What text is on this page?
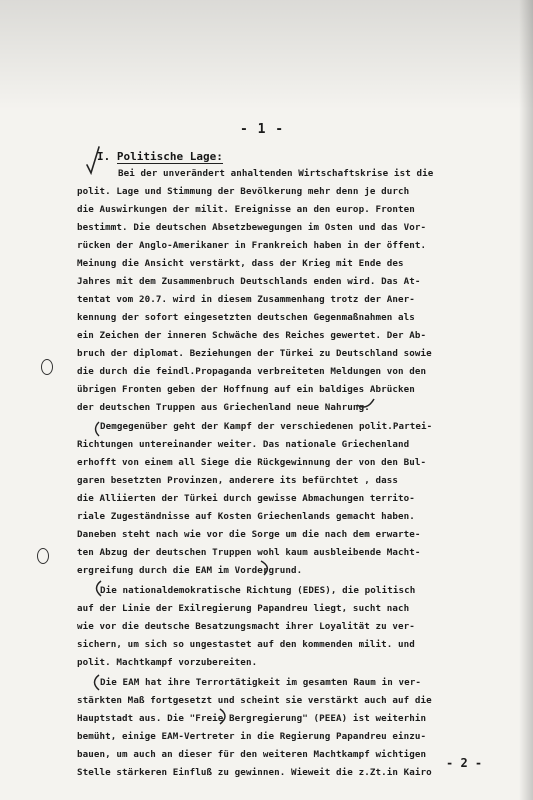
- 1 -
I. Politische Lage:
Bei der unverändert anhaltenden Wirtschaftskrise ist die
polit. Lage und Stimmung der Bevölkerung mehr denn je durch
die Auswirkungen der milit. Ereignisse an den europ. Fronten
bestimmt. Die deutschen Absetzbewegungen im Osten und das Vor-
rücken der Anglo-Amerikaner in Frankreich haben in der öffent.
Meinung die Ansicht verstärkt, dass der Krieg mit Ende des
Jahres mit dem Zusammenbruch Deutschlands enden wird. Das At-
tentat vom 20.7. wird in diesem Zusammenhang trotz der Aner-
kennung der sofort eingesetzten deutschen Gegenmaßnahmen als
ein Zeichen der inneren Schwäche des Reiches gewertet. Der Ab-
bruch der diplomat. Beziehungen der Türkei zu Deutschland sowie
die durch die feindl.Propaganda verbreiteten Meldungen von den
übrigen Fronten geben der Hoffnung auf ein baldiges Abrücken
der deutschen Truppen aus Griechenland neue Nahrung.
Demgegenüber geht der Kampf der verschiedenen polit.Partei-
Richtungen untereinander weiter. Das nationale Griechenland
erhofft von einem all Siege die Rückgewinnung der von den Bul-
garen besetzten Provinzen, anderere its befürchtet , dass
die Alliierten der Türkei durch gewisse Abmachungen territo-
riale Zugeständnisse auf Kosten Griechenlands gemacht haben.
Daneben steht nach wie vor die Sorge um die nach dem erwarte-
ten Abzug der deutschen Truppen wohl kaum ausbleibende Macht-
ergreifung durch die EAM im Vordergrund.
Die nationaldemokratische Richtung (EDES), die politisch
auf der Linie der Exilregierung Papandreu liegt, sucht nach
wie vor die deutsche Besatzungsmacht ihrer Loyalität zu ver-
sichern, um sich so ungestastet auf den kommenden milit. und
polit. Machtkampf vorzubereiten.
Die EAM hat ihre Terrortätigkeit im gesamten Raum in ver-
stärkten Maß fortgesetzt und scheint sie verstärkt auch auf die
Hauptstadt aus. Die "Freie Bergregierung" (PEEA) ist weiterhin
bemüht, einige EAM-Vertreter in die Regierung Papandreu einzu-
bauen, um auch an dieser für den weiteren Machtkampf wichtigen
Stelle stärkeren Einfluß zu gewinnen. Wieweit die z.Zt.in Kairo
- 2 -
